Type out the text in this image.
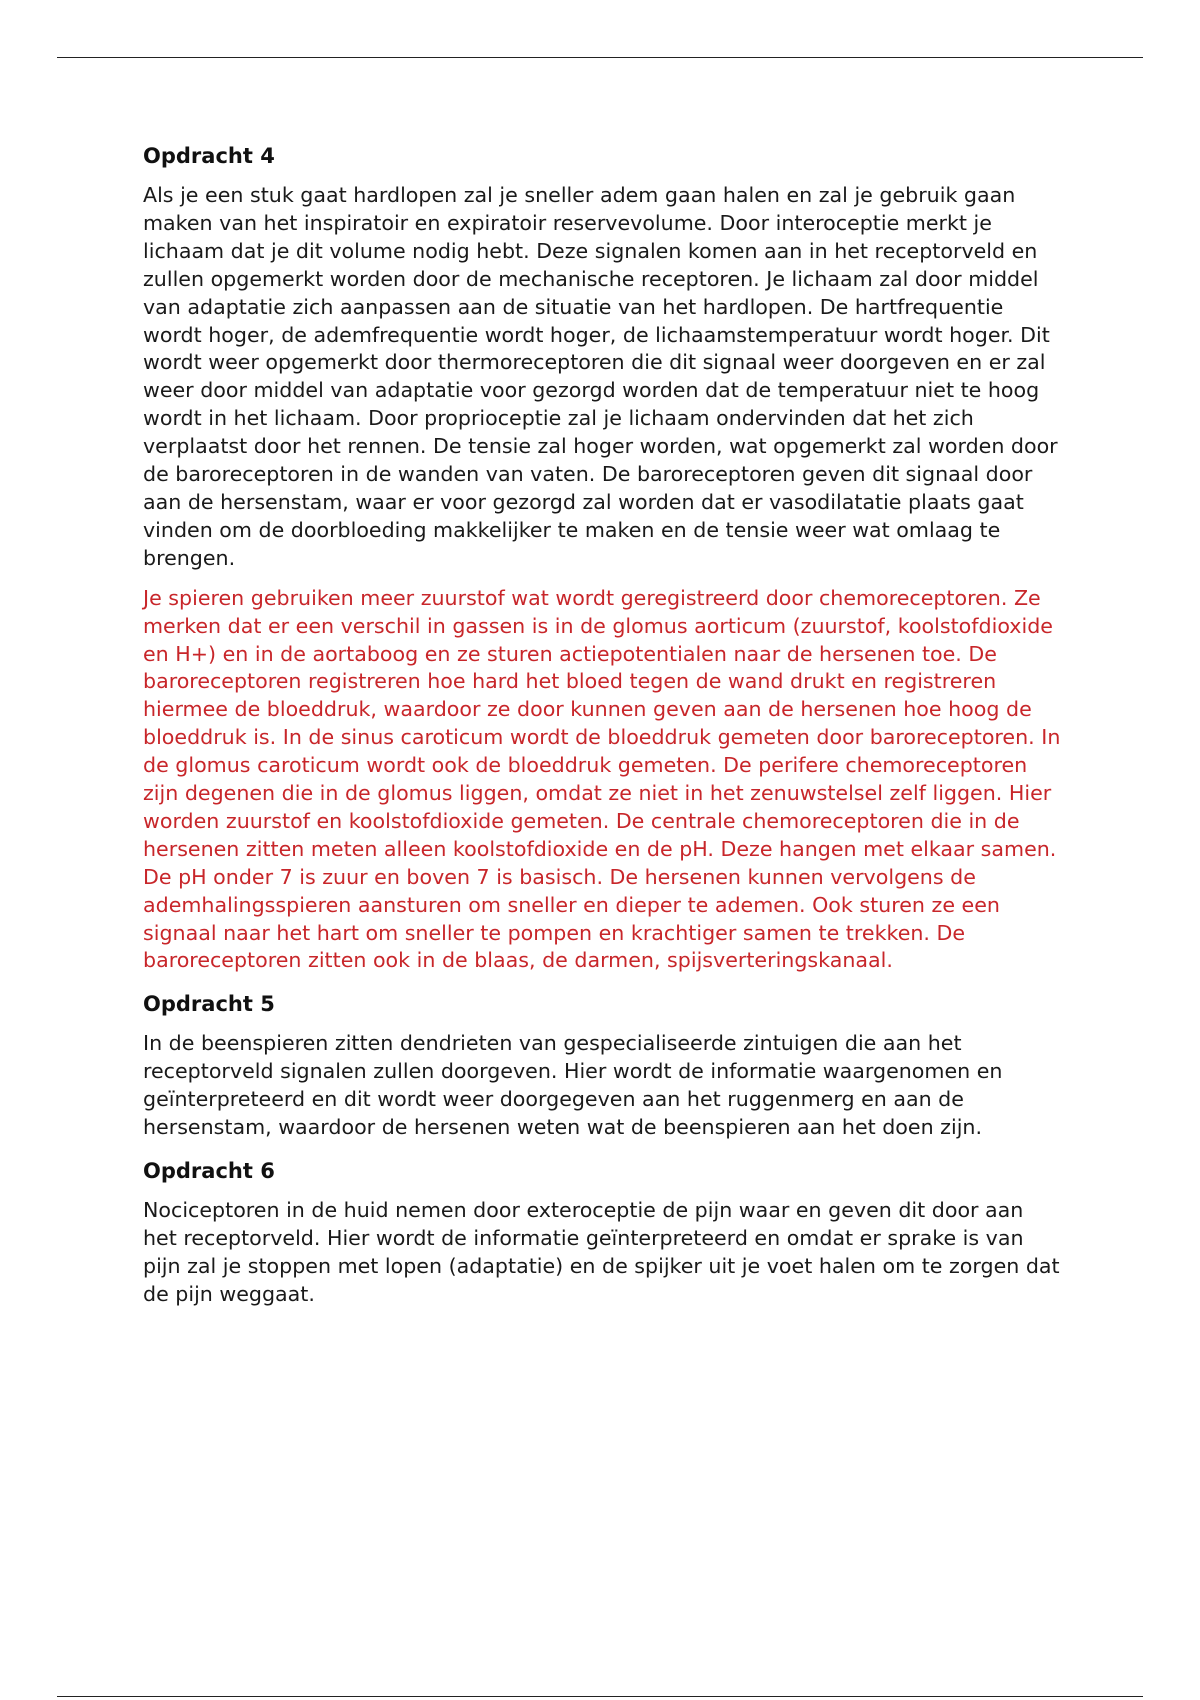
Opdracht 4

Als je een stuk gaat hardlopen zal je sneller adem gaan halen en zal je gebruik gaan maken van het inspiratoir en expiratoir reservevolume. Door interoceptie merkt je lichaam dat je dit volume nodig hebt. Deze signalen komen aan in het receptorveld en zullen opgemerkt worden door de mechanische receptoren. Je lichaam zal door middel van adaptatie zich aanpassen aan de situatie van het hardlopen. De hartfrequentie wordt hoger, de ademfrequentie wordt hoger, de lichaamstemperatuur wordt hoger. Dit wordt weer opgemerkt door thermoreceptoren die dit signaal weer doorgeven en er zal weer door middel van adaptatie voor gezorgd worden dat de temperatuur niet te hoog wordt in het lichaam. Door proprioceptie zal je lichaam ondervinden dat het zich verplaatst door het rennen. De tensie zal hoger worden, wat opgemerkt zal worden door de baroreceptoren in de wanden van vaten. De baroreceptoren geven dit signaal door aan de hersenstam, waar er voor gezorgd zal worden dat er vasodilatatie plaats gaat vinden om de doorbloeding makkelijker te maken en de tensie weer wat omlaag te brengen.

Je spieren gebruiken meer zuurstof wat wordt geregistreerd door chemoreceptoren. Ze merken dat er een verschil in gassen is in de glomus aorticum (zuurstof, koolstofdioxide en H+) en in de aortaboog en ze sturen actiepotentialen naar de hersenen toe. De baroreceptoren registreren hoe hard het bloed tegen de wand drukt en registreren hiermee de bloeddruk, waardoor ze door kunnen geven aan de hersenen hoe hoog de bloeddruk is. In de sinus caroticum wordt de bloeddruk gemeten door baroreceptoren. In de glomus caroticum wordt ook de bloeddruk gemeten. De perifere chemoreceptoren zijn degenen die in de glomus liggen, omdat ze niet in het zenuwstelsel zelf liggen. Hier worden zuurstof en koolstofdioxide gemeten. De centrale chemoreceptoren die in de hersenen zitten meten alleen koolstofdioxide en de pH. Deze hangen met elkaar samen. De pH onder 7 is zuur en boven 7 is basisch. De hersenen kunnen vervolgens de ademhalingsspieren aansturen om sneller en dieper te ademen. Ook sturen ze een signaal naar het hart om sneller te pompen en krachtiger samen te trekken. De baroreceptoren zitten ook in de blaas, de darmen, spijsverteringskanaal.

Opdracht 5

In de beenspieren zitten dendrieten van gespecialiseerde zintuigen die aan het receptorveld signalen zullen doorgeven. Hier wordt de informatie waargenomen en geïnterpreteerd en dit wordt weer doorgegeven aan het ruggenmerg en aan de hersenstam, waardoor de hersenen weten wat de beenspieren aan het doen zijn.

Opdracht 6

Nociceptoren in de huid nemen door exteroceptie de pijn waar en geven dit door aan het receptorveld. Hier wordt de informatie geïnterpreteerd en omdat er sprake is van pijn zal je stoppen met lopen (adaptatie) en de spijker uit je voet halen om te zorgen dat de pijn weggaat.
